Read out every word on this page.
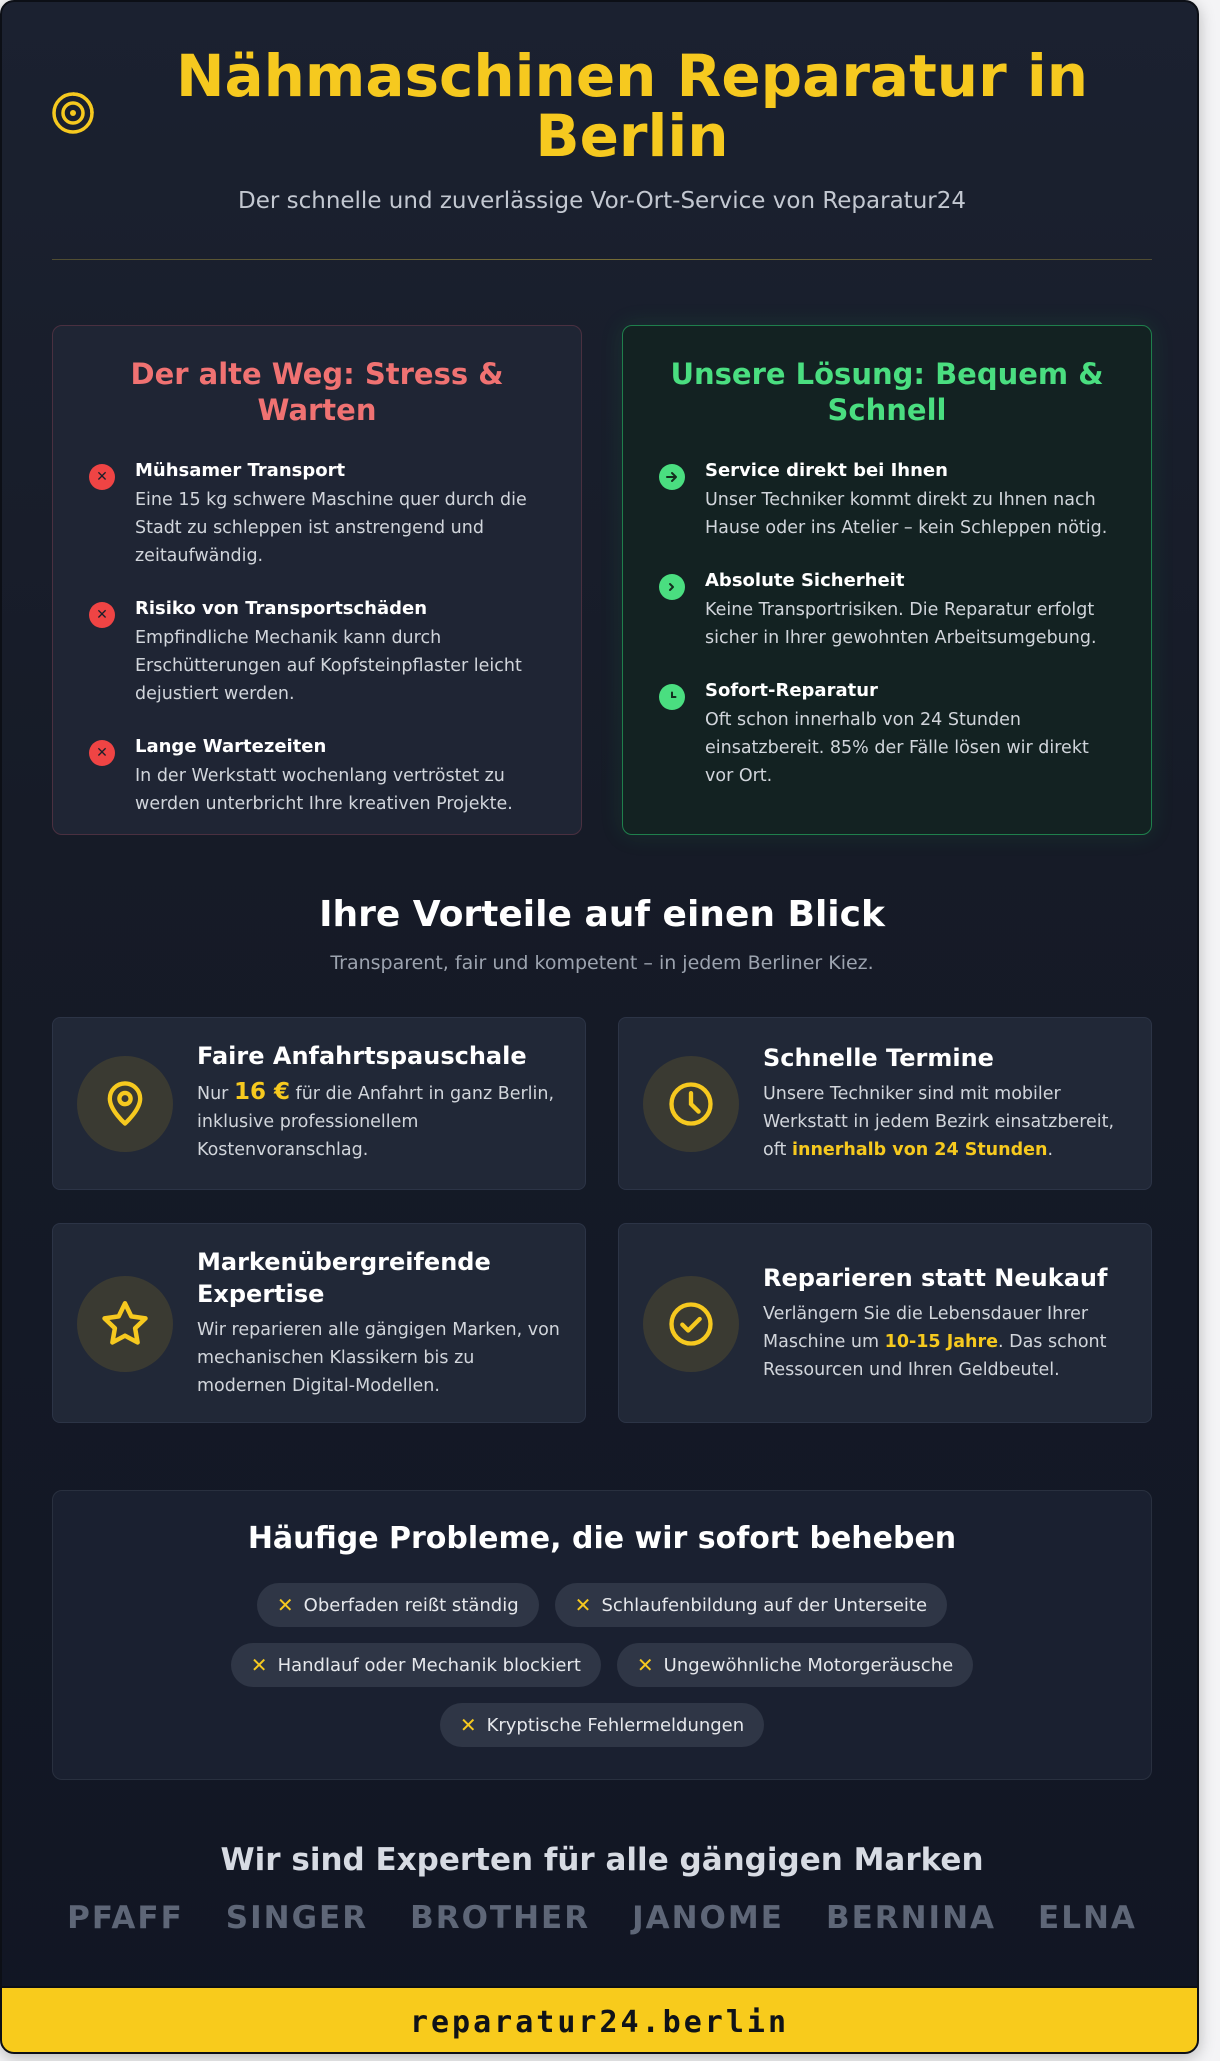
Nähmaschinen Reparatur in Berlin

Der schnelle und zuverlässige Vor-Ort-Service von Reparatur24

Der alte Weg: Stress & Warten
✕	Mühsamer Transport
Eine 15 kg schwere Maschine quer durch die Stadt zu schleppen ist anstrengend und zeitaufwändig.
✕	Risiko von Transportschäden
Empfindliche Mechanik kann durch Erschütterungen auf Kopfsteinpflaster leicht dejustiert werden.
✕	Lange Wartezeiten
In der Werkstatt wochenlang vertröstet zu werden unterbricht Ihre kreativen Projekte.
Unsere Lösung: Bequem & Schnell
Service direkt bei Ihnen
Unser Techniker kommt direkt zu Ihnen nach Hause oder ins Atelier – kein Schleppen nötig.
Absolute Sicherheit
Keine Transportrisiken. Die Reparatur erfolgt sicher in Ihrer gewohnten Arbeitsumgebung.
Sofort-Reparatur
Oft schon innerhalb von 24 Stunden einsatzbereit. 85% der Fälle lösen wir direkt vor Ort.
Ihre Vorteile auf einen Blick

Transparent, fair und kompetent – in jedem Berliner Kiez.

Faire Anfahrtspauschale
Nur 16 € für die Anfahrt in ganz Berlin, inklusive professionellem Kostenvoranschlag.
Schnelle Termine
Unsere Techniker sind mit mobiler Werkstatt in jedem Bezirk einsatzbereit, oft innerhalb von 24 Stunden.
Markenübergreifende Expertise
Wir reparieren alle gängigen Marken, von mechanischen Klassikern bis zu modernen Digital-Modellen.
Reparieren statt Neukauf
Verlängern Sie die Lebensdauer Ihrer Maschine um 10-15 Jahre. Das schont Ressourcen und Ihren Geldbeutel.
Häufige Probleme, die wir sofort beheben
✕ Oberfaden reißt ständig	✕ Schlaufenbildung auf der Unterseite
✕ Handlauf oder Mechanik blockiert	✕ Ungewöhnliche Motorgeräusche
✕ Kryptische Fehlermeldungen
Wir sind Experten für alle gängigen Marken
PFAFF SINGER BROTHER JANOME BERNINA ELNA
reparatur24.berlin
